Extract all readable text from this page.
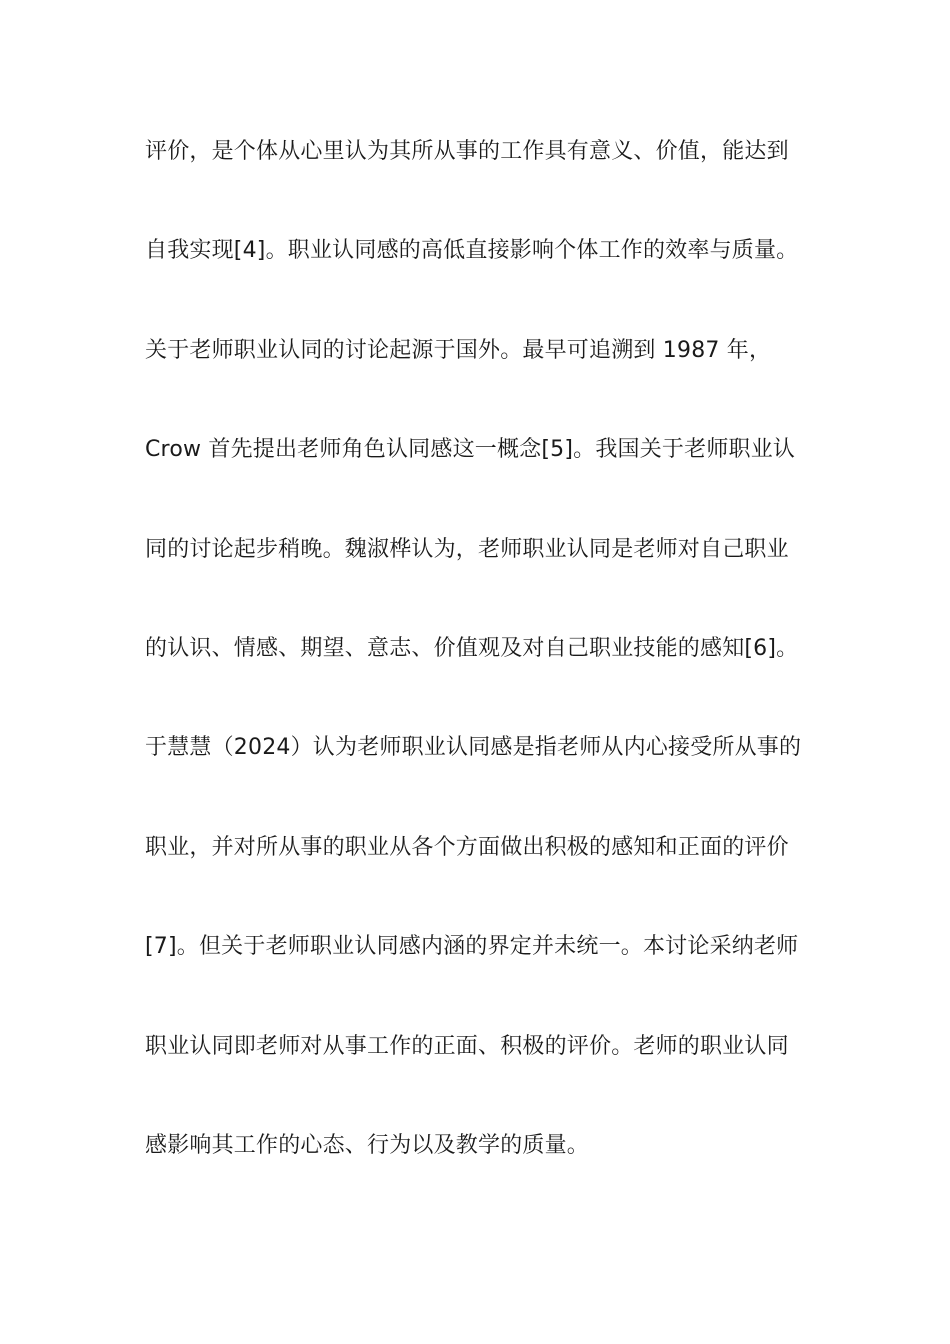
评价，是个体从心里认为其所从事的工作具有意义、价值，能达到
自我实现[4]。职业认同感的高低直接影响个体工作的效率与质量。
关于老师职业认同的讨论起源于国外。最早可追溯到 1987 年，
Crow 首先提出老师角色认同感这一概念[5]。我国关于老师职业认
同的讨论起步稍晚。魏淑桦认为，老师职业认同是老师对自己职业
的认识、情感、期望、意志、价值观及对自己职业技能的感知[6]。
于慧慧（2024）认为老师职业认同感是指老师从内心接受所从事的
职业，并对所从事的职业从各个方面做出积极的感知和正面的评价
[7]。但关于老师职业认同感内涵的界定并未统一。本讨论采纳老师
职业认同即老师对从事工作的正面、积极的评价。老师的职业认同
感影响其工作的心态、行为以及教学的质量。
